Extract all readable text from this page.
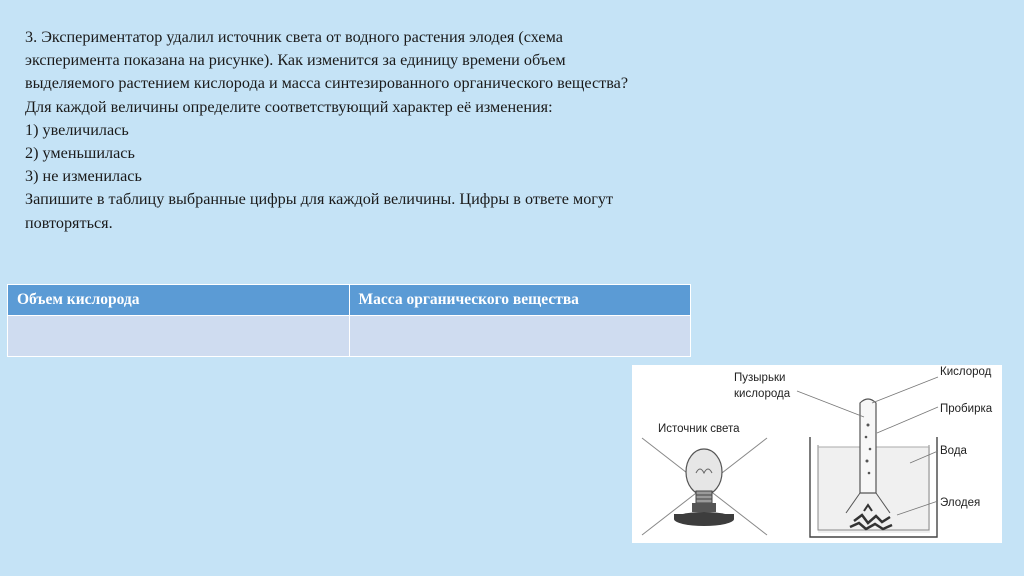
3. Экспериментатор удалил источник света от водного растения элодея (схема

эксперимента показана на рисунке). Как изменится за единицу времени объем

выделяемого растением кислорода и масса синтезированного органического вещества?

Для каждой величины определите соответствующий характер её изменения:

1) увеличилась

2) уменьшилась

3) не изменилась

Запишите в таблицу выбранные цифры для каждой величины. Цифры в ответе могут

повторяться.

Объем кислорода	Масса органического вещества

Источник света
Пузырьки
кислорода
Кислород
Пробирка
Вода
Элодея
